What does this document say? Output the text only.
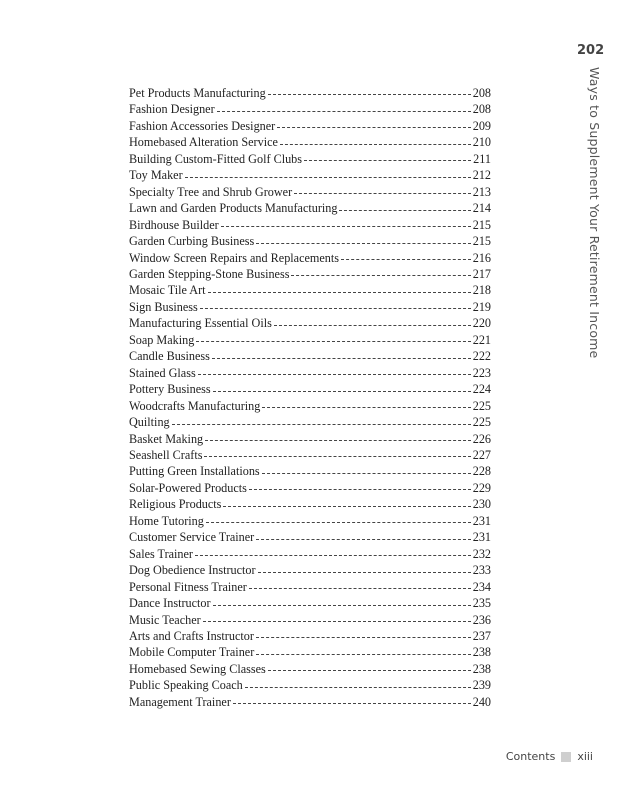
202
Ways to Supplement Your Retirement Income
Pet Products Manufacturing	208
Fashion Designer	208
Fashion Accessories Designer	209
Homebased Alteration Service	210
Building Custom-Fitted Golf Clubs	211
Toy Maker	212
Specialty Tree and Shrub Grower	213
Lawn and Garden Products Manufacturing	214
Birdhouse Builder	215
Garden Curbing Business	215
Window Screen Repairs and Replacements	216
Garden Stepping-Stone Business	217
Mosaic Tile Art	218
Sign Business	219
Manufacturing Essential Oils	220
Soap Making	221
Candle Business	222
Stained Glass	223
Pottery Business	224
Woodcrafts Manufacturing	225
Quilting	225
Basket Making	226
Seashell Crafts	227
Putting Green Installations	228
Solar-Powered Products	229
Religious Products	230
Home Tutoring	231
Customer Service Trainer	231
Sales Trainer	232
Dog Obedience Instructor	233
Personal Fitness Trainer	234
Dance Instructor	235
Music Teacher	236
Arts and Crafts Instructor	237
Mobile Computer Trainer	238
Homebased Sewing Classes	238
Public Speaking Coach	239
Management Trainer	240
Contents xiii
